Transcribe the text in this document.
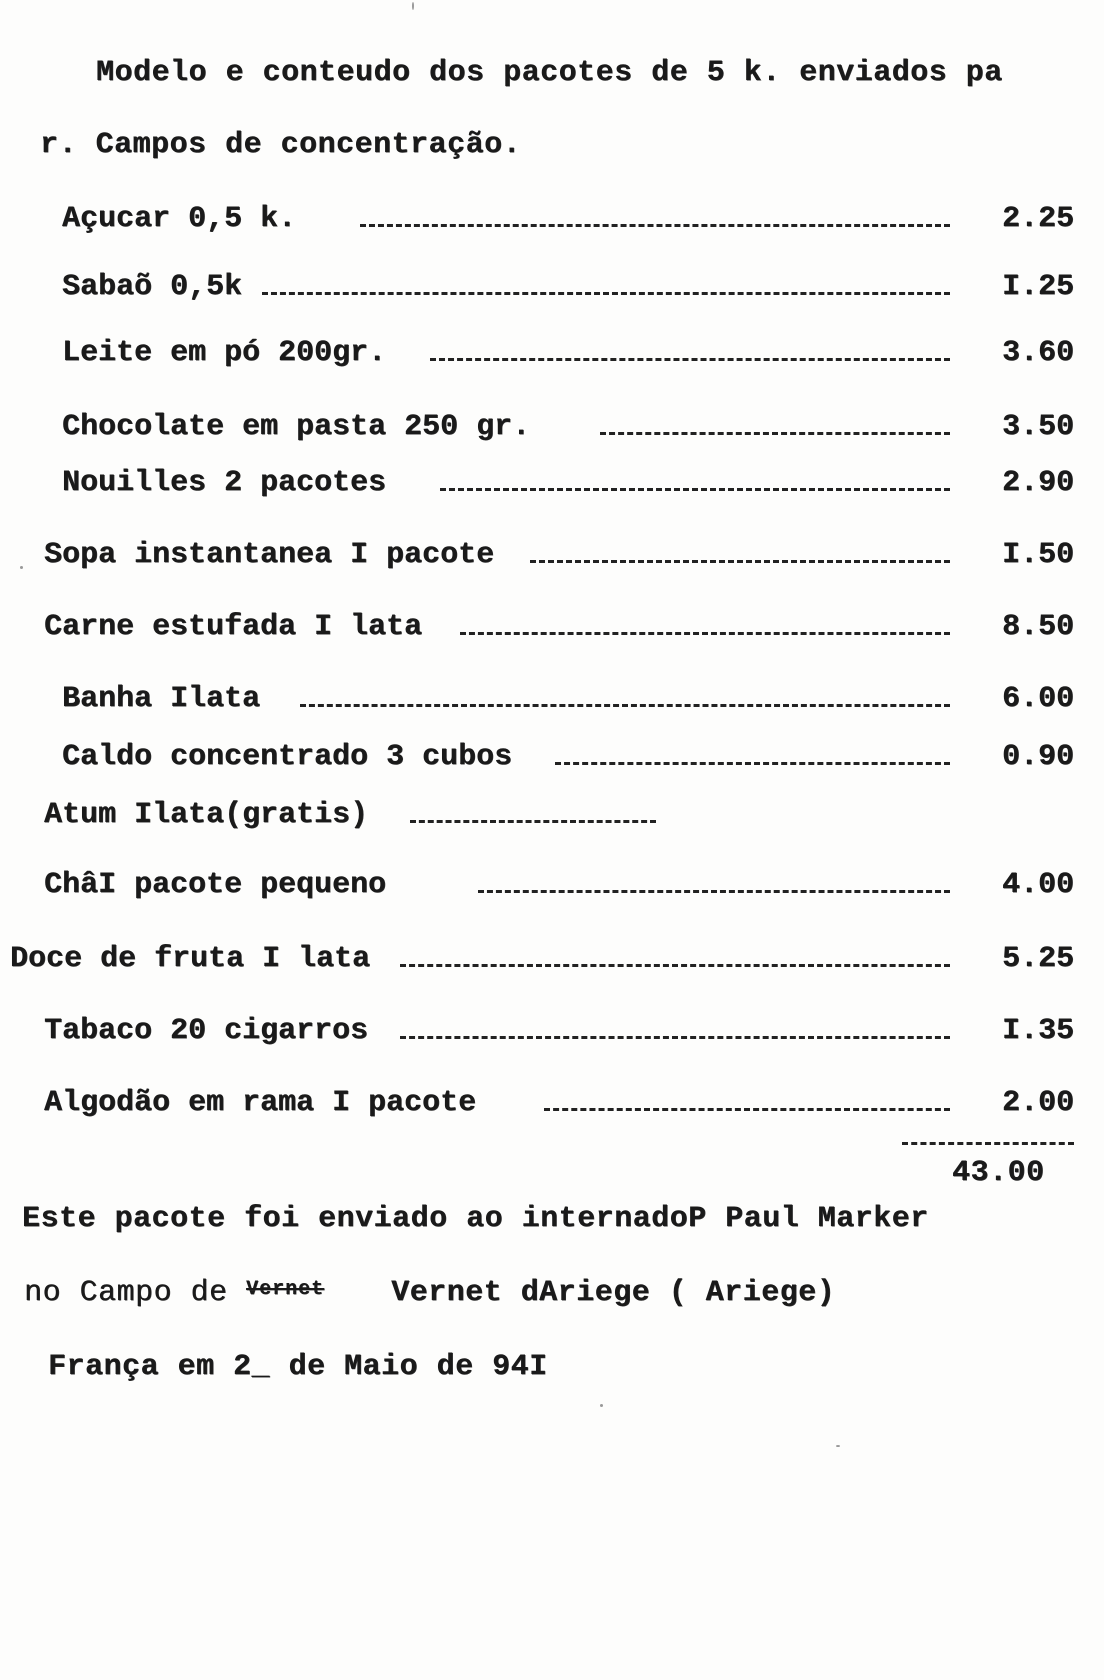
Modelo e conteudo dos pacotes de 5 k. enviados pa
r. Campos de concentração.
Açucar 0,5 k.	2.25
Sabaõ 0,5k	I.25
Leite em pó 200gr.	3.60
Chocolate em pasta 250 gr.	3.50
Nouilles 2 pacotes	2.90
Sopa instantanea I pacote	I.50
Carne estufada I lata	8.50
Banha Ilata	6.00
Caldo concentrado 3 cubos	0.90
Atum Ilata(gratis)
ChâI pacote pequeno	4.00
Doce de fruta I lata	5.25
Tabaco 20 cigarros	I.35
Algodão em rama I pacote	2.00
43.00
Este pacote foi enviado ao internadoP Paul Marker
no Campo de $^{Vernet}$ Vernet dAriege ( Ariege)
França em 2_ de Maio de 94I
